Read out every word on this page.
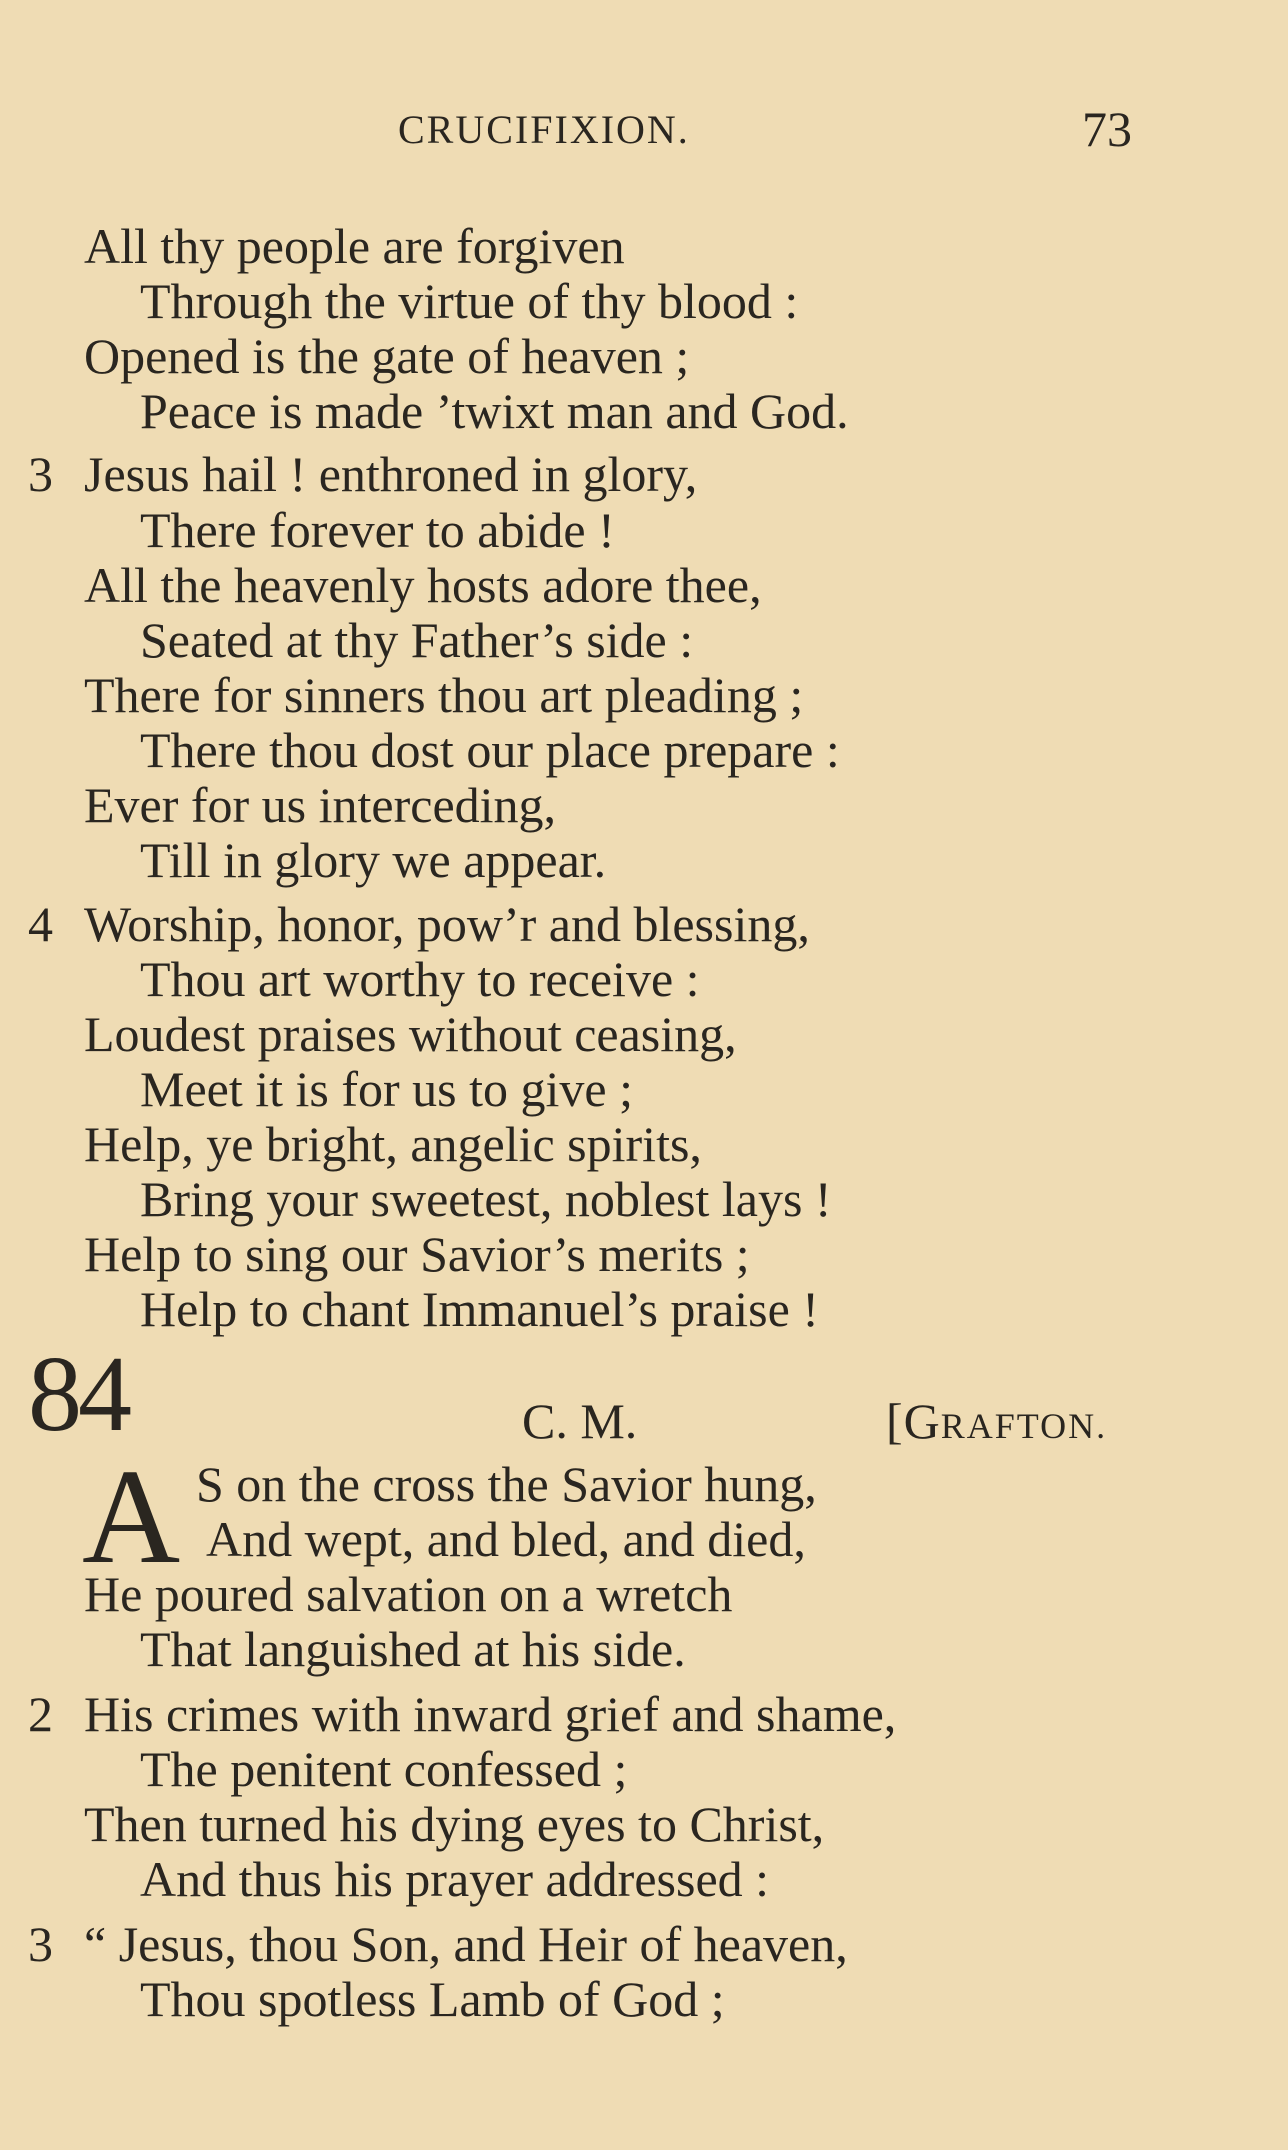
CRUCIFIXION.	73
All thy people are forgiven
Through the virtue of thy blood :
Opened is the gate of heaven ;
Peace is made ’twixt man and God.
3 Jesus hail ! enthroned in glory,
There forever to abide !
All the heavenly hosts adore thee,
Seated at thy Father’s side :
There for sinners thou art pleading ;
There thou dost our place prepare :
Ever for us interceding,
Till in glory we appear.
4 Worship, honor, pow’r and blessing,
Thou art worthy to receive :
Loudest praises without ceasing,
Meet it is for us to give ;
Help, ye bright, angelic spirits,
Bring your sweetest, noblest lays !
Help to sing our Savior’s merits ;
Help to chant Immanuel’s praise !
84	C. M.	[GRAFTON.
A S on the cross the Savior hung,
And wept, and bled, and died,
He poured salvation on a wretch
That languished at his side.
2 His crimes with inward grief and shame,
The penitent confessed ;
Then turned his dying eyes to Christ,
And thus his prayer addressed :
3 “ Jesus, thou Son, and Heir of heaven,
Thou spotless Lamb of God ;
